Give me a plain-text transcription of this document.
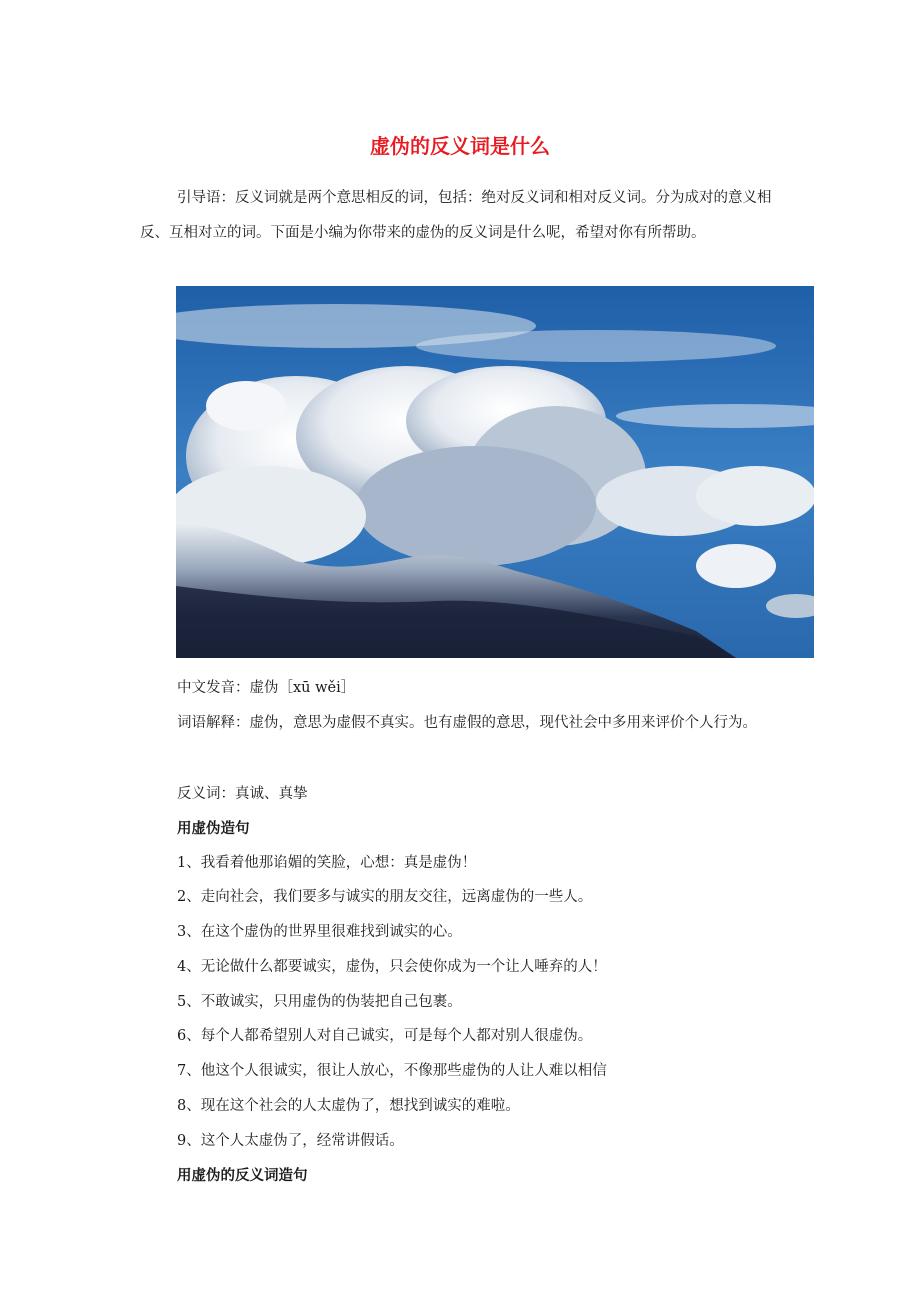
虚伪的反义词是什么
引导语：反义词就是两个意思相反的词，包括：绝对反义词和相对反义词。分为成对的意义相反、互相对立的词。下面是小编为你带来的虚伪的反义词是什么呢，希望对你有所帮助。
中文发音：虚伪［xū wěi］
词语解释：虚伪，意思为虚假不真实。也有虚假的意思，现代社会中多用来评价个人行为。
反义词：真诚、真挚
用虚伪造句
1、我看着他那谄媚的笑脸，心想：真是虚伪！
2、走向社会，我们要多与诚实的朋友交往，远离虚伪的一些人。
3、在这个虚伪的世界里很难找到诚实的心。
4、无论做什么都要诚实，虚伪，只会使你成为一个让人唾弃的人！
5、不敢诚实，只用虚伪的伪装把自己包裹。
6、每个人都希望别人对自己诚实，可是每个人都对别人很虚伪。
7、他这个人很诚实，很让人放心，不像那些虚伪的人让人难以相信
8、现在这个社会的人太虚伪了，想找到诚实的难啦。
9、这个人太虚伪了，经常讲假话。
用虚伪的反义词造句
